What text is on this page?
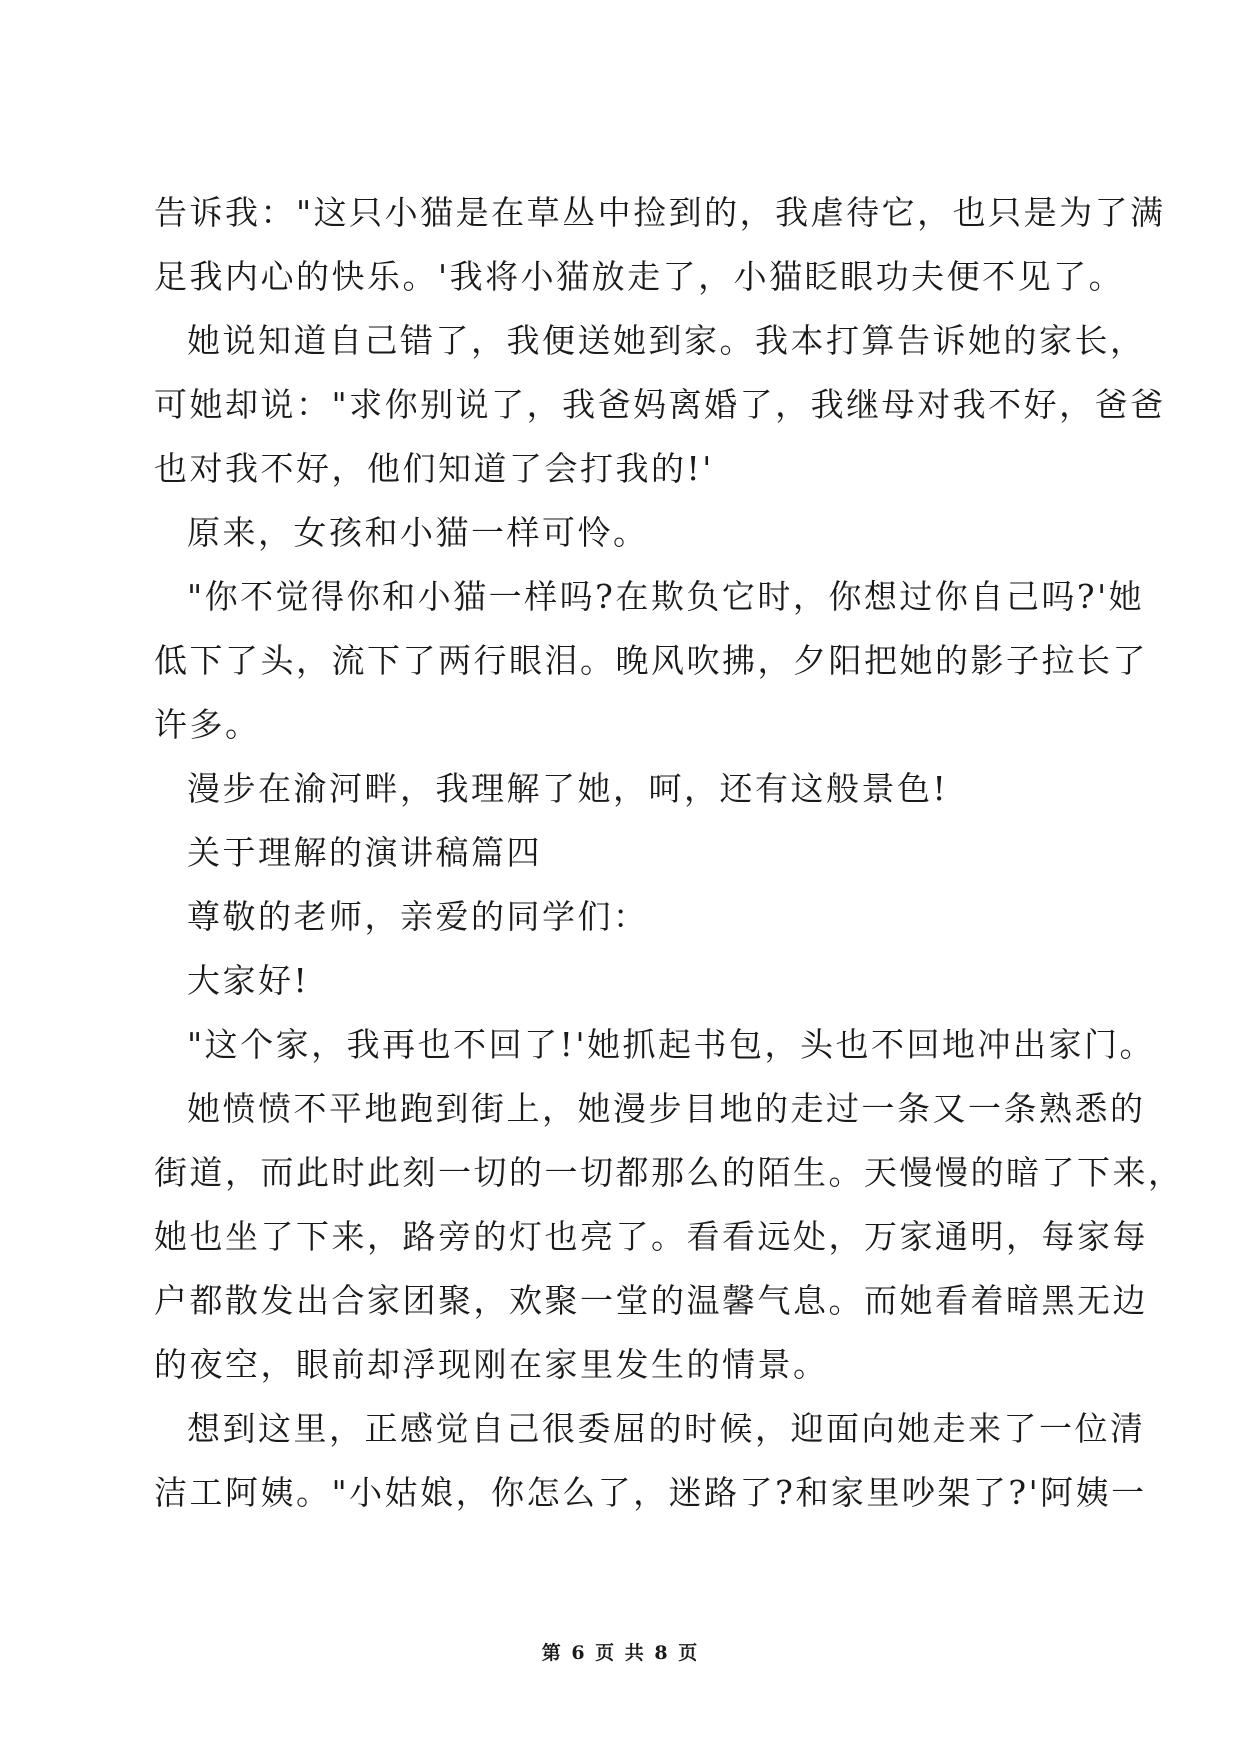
告诉我："这只小猫是在草丛中捡到的，我虐待它，也只是为了满
足我内心的快乐。'我将小猫放走了，小猫眨眼功夫便不见了。
她说知道自己错了，我便送她到家。我本打算告诉她的家长，
可她却说："求你别说了，我爸妈离婚了，我继母对我不好，爸爸
也对我不好，他们知道了会打我的!'
原来，女孩和小猫一样可怜。
"你不觉得你和小猫一样吗?在欺负它时，你想过你自己吗?'她
低下了头，流下了两行眼泪。晚风吹拂，夕阳把她的影子拉长了
许多。
漫步在渝河畔，我理解了她，呵，还有这般景色!
关于理解的演讲稿篇四
尊敬的老师，亲爱的同学们：
大家好!
"这个家，我再也不回了!'她抓起书包，头也不回地冲出家门。
她愤愤不平地跑到街上，她漫步目地的走过一条又一条熟悉的
街道，而此时此刻一切的一切都那么的陌生。天慢慢的暗了下来，
她也坐了下来，路旁的灯也亮了。看看远处，万家通明，每家每
户都散发出合家团聚，欢聚一堂的温馨气息。而她看着暗黑无边
的夜空，眼前却浮现刚在家里发生的情景。
想到这里，正感觉自己很委屈的时候，迎面向她走来了一位清
洁工阿姨。"小姑娘，你怎么了，迷路了?和家里吵架了?'阿姨一
第 6 页 共 8 页
